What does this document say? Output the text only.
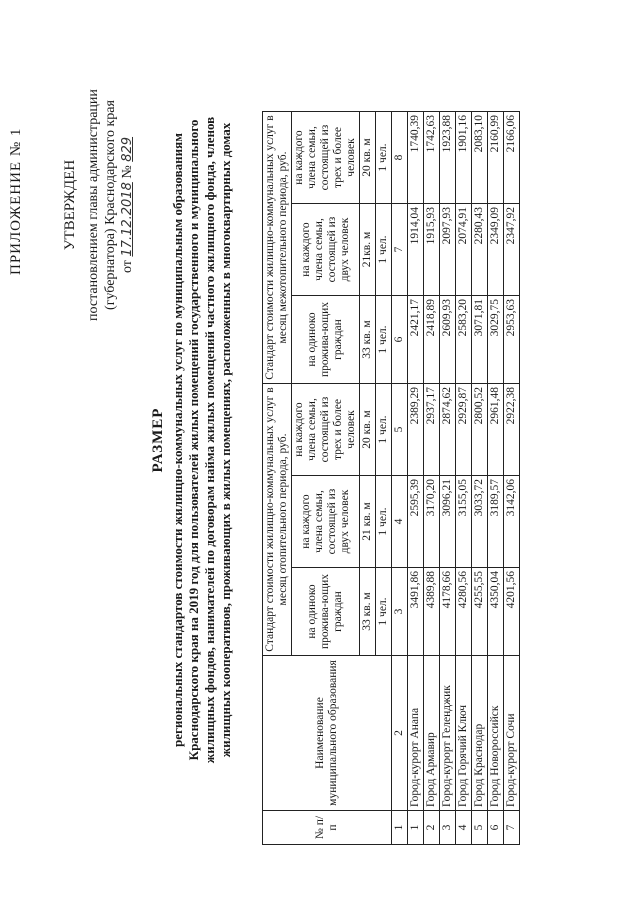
ПРИЛОЖЕНИЕ № 1	УТВЕРЖДЕН постановлением главы администрации (губернатора) Краснодарского края от 17.12.2018 № 829
РАЗМЕР региональных стандартов стоимости жилищно-коммунальных услуг по муниципальным образованиям Краснодарского края на 2019 год для пользователей жилых помещений государственного и муниципального жилищных фондов, нанимателей по договорам найма жилых помещений частного жилищного фонда, членов жилищных кооперативов, проживающих в жилых помещениях, расположенных в многоквартирных домах
№ п/п	Наименование муниципального образования	Стандарт стоимости жилищно-коммунальных услуг в месяц отопительного периода, руб.			Стандарт стоимости жилищно-коммунальных услуг в месяц межотопительного периода, руб.		
		на одиноко прожива-ющих граждан	на каждого члена семьи, состоящей из двух человек	на каждого члена семьи, состоящей из трех и более человек	на одиноко прожива-ющих граждан	на каждого члена семьи, состоящей из двух человек	на каждого члена семьи, состоящей из трех и более человек
		33 кв. м	21 кв. м	20 кв. м	33 кв. м	21кв. м	20 кв. м
		1 чел.	1 чел.	1 чел.	1 чел.	1 чел.	1 чел.
1	2	3	4	5	6	7	8
1	Город-курорт Анапа	3491,86	2595,39	2389,29	2421,17	1914,04	1740,39
2	Город Армавир	4389,88	3170,20	2937,17	2418,89	1915,93	1742,63
3	Город-курорт Геленджик	4178,66	3096,21	2874,62	2609,93	2097,93	1923,88
4	Город Горячий Ключ	4280,56	3155,05	2929,87	2583,20	2074,91	1901,16
5	Город Краснодар	4255,55	3033,72	2800,52	3071,81	2280,43	2083,10
6	Город Новороссийск	4350,04	3189,57	2961,48	3029,75	2349,09	2160,99
7	Город-курорт Сочи	4201,56	3142,06	2922,38	2953,63	2347,92	2166,06
